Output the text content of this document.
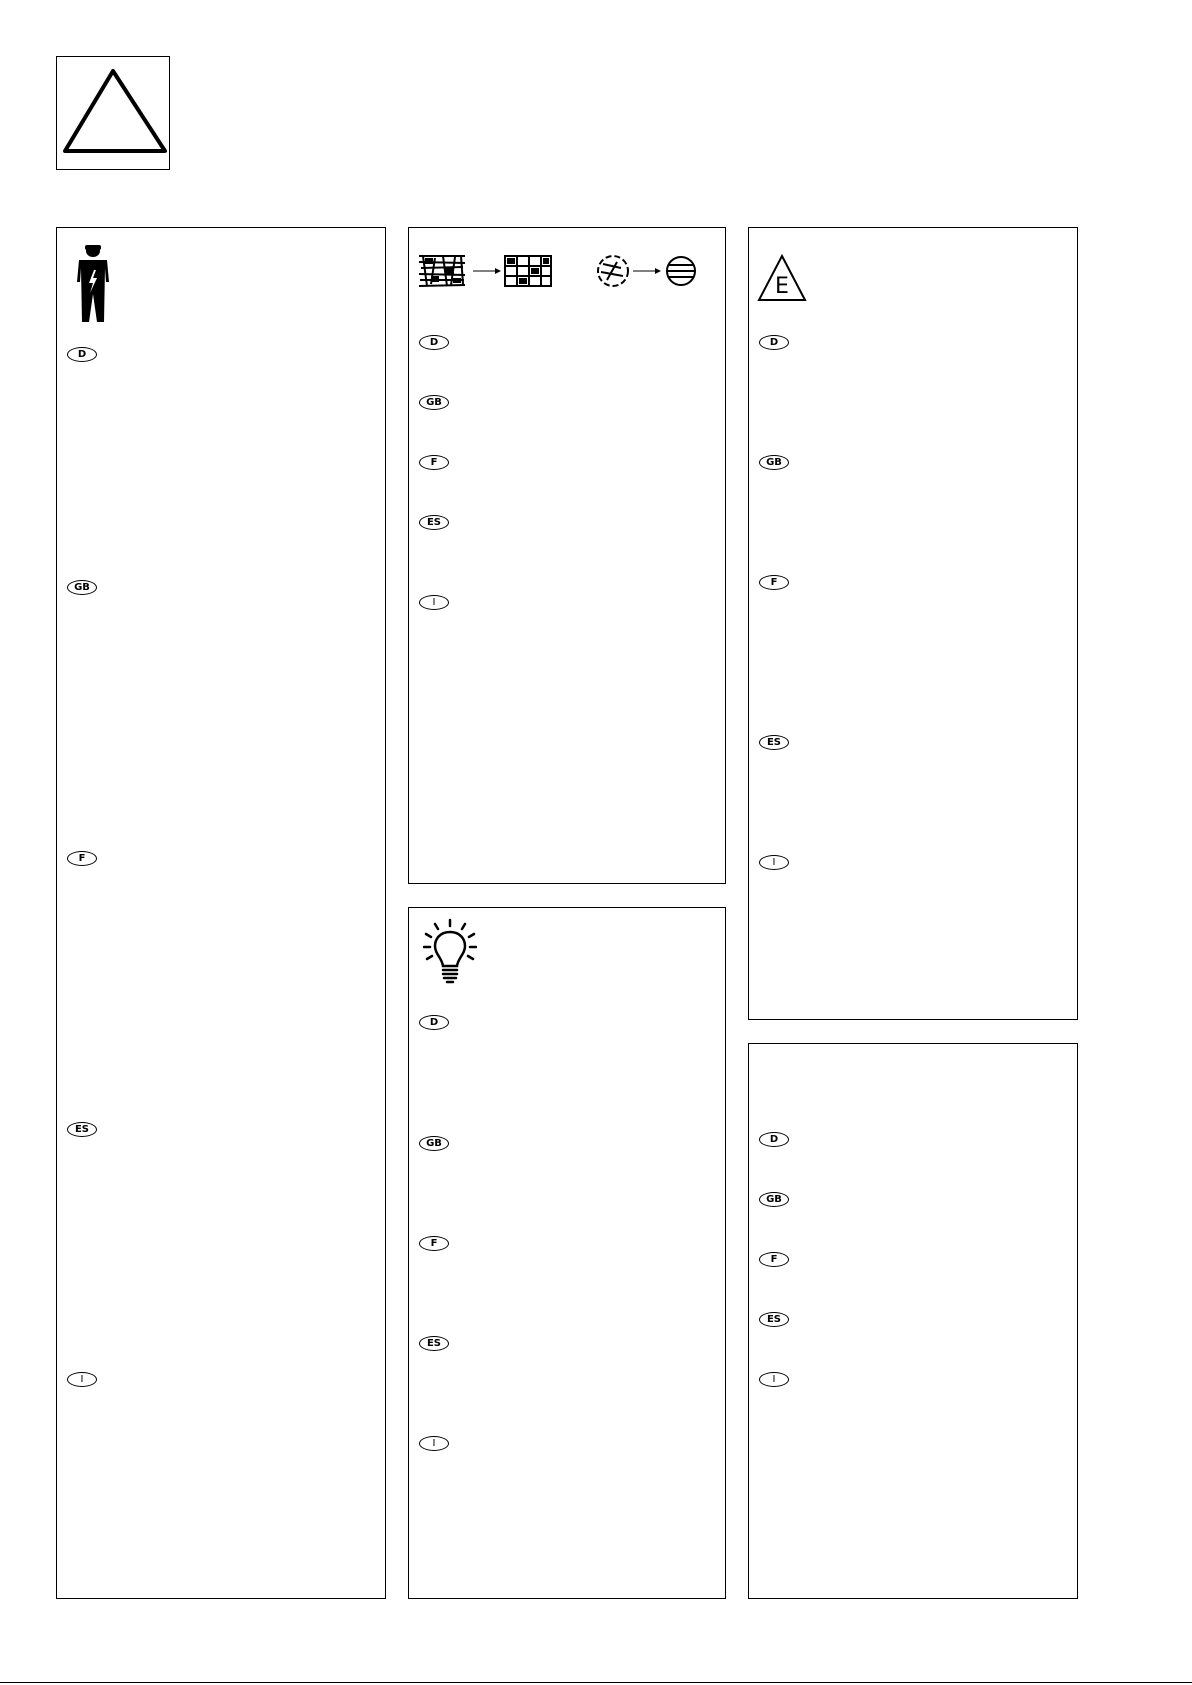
D
GB
F
ES
I
D
GB
F
ES
I
D
GB
F
ES
I
E
D
GB
F
ES
I
D
GB
F
ES
I
